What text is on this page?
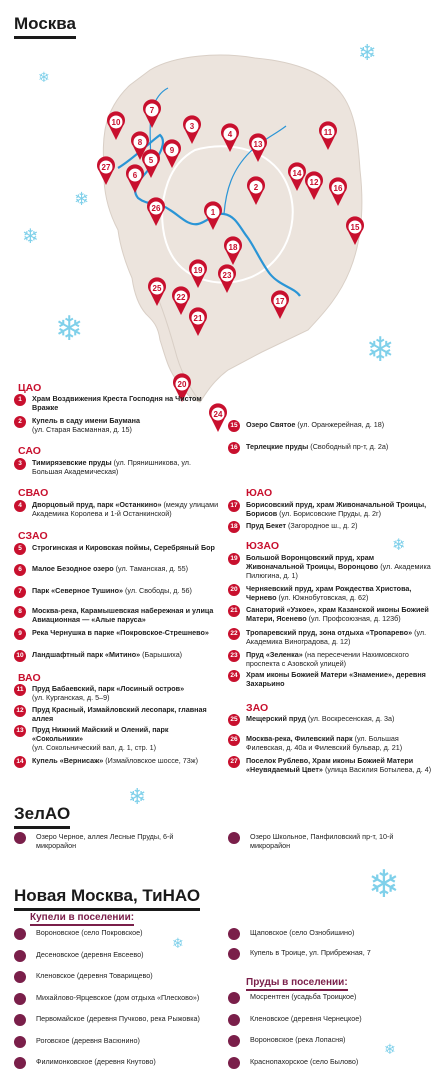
Москва
7
10	3
4	11
8
9
13
5
27
6	14
12
16
2
26	1
15
18
19
23
25
22	17
21
20
24
❄
❄
❄
❄
❄
❄
❄
❄
❄
❄
❄
ЦАО
1	Храм Воздвижения Креста Господня на Чистом Вражке
2	Купель в саду имени Баумана
(ул. Старая Басманная, д. 15)
САО
3	Тимирязевские пруды (ул. Прянишникова, ул. Большая Академическая)
СВАО
4	Дворцовый пруд, парк «Останкино» (между улицами Академика Королева и 1-й Останкинской)
СЗАО
5	Строгинская и Кировская поймы, Серебряный Бор
6	Малое Безодное озеро (ул. Таманская, д. 55)
7	Парк «Северное Тушино» (ул. Свободы, д. 56)
8	Москва-река, Карамышевская набережная и улица Авиационная — «Алые паруса»
9	Река Чернушка в парке «Покровское-Стрешнево»
10	Ландшафтный парк «Митино» (Барышиха)
ВАО
11	Пруд Бабаевский, парк «Лосиный остров»
(ул. Курганская, д. 5–9)
12	Пруд Красный, Измайловский лесопарк, главная аллея
13	Пруд Нижний Майский и Олений, парк «Сокольники»
(ул. Сокольнический вал, д. 1, стр. 1)
14	Купель «Вернисаж» (Измайловское шоссе, 73ж)
15	Озеро Святое (ул. Оранжерейная, д. 18)
16	Терлецкие пруды (Свободный пр-т, д. 2а)
ЮАО
17	Борисовский пруд, храм Живоначальной Троицы, Борисов (ул. Борисовские Пруды, д. 2г)
18	Пруд Бекет (Загородное ш., д. 2)
ЮЗАО
19	Большой Воронцовский пруд, храм Живоначальной Троицы, Воронцово (ул. Академика Пилюгина, д. 1)
20	Черняевский пруд, храм Рождества Христова, Чернево (ул. Южнобутовская, д. 62)
21	Санаторий «Узкое», храм Казанской иконы Божией Матери, Ясенево (ул. Профсоюзная, д. 123б)
22	Тропаревский пруд, зона отдыха «Тропарево» (ул. Академика Виноградова, д. 12)
23	Пруд «Зеленка» (на пересечении Нахимовского проспекта с Азовской улицей)
24	Храм иконы Божией Матери «Знамение», деревня Захарьино
ЗАО
25	Мещерский пруд (ул. Воскресенская, д. 3а)
26	Москва-река, Филевский парк (ул. Большая Филевская, д. 40а и Филевский бульвар, д. 21)
27	Поселок Рублево, Храм иконы Божией Матери «Неувядаемый Цвет» (улица Василия Ботылева, д. 4)
ЗелАО
Озеро Черное, аллея Лесные Пруды, 6-й микрорайон
Озеро Школьное, Панфиловский пр-т, 10-й микрорайон
Новая Москва, ТиНАО
Купели в поселении:
Вороновское (село Покровское)
Десеновское (деревня Евсеево)
Кленовское (деревня Товарищево)
Михайлово-Ярцевское (дом отдыха «Плесково»)
Первомайское (деревня Пучково, река Рыжовка)
Роговское (деревня Васюнино)
Филимонковское (деревня Кнутово)
Щаповское (село Ознобишино)
Купель в Троице, ул. Прибрежная, 7
Пруды в поселении:
Мосрентген (усадьба Троицкое)
Кленовское (деревня Чернецкое)
Вороновское (река Лопасня)
Краснопахорское (село Былово)
